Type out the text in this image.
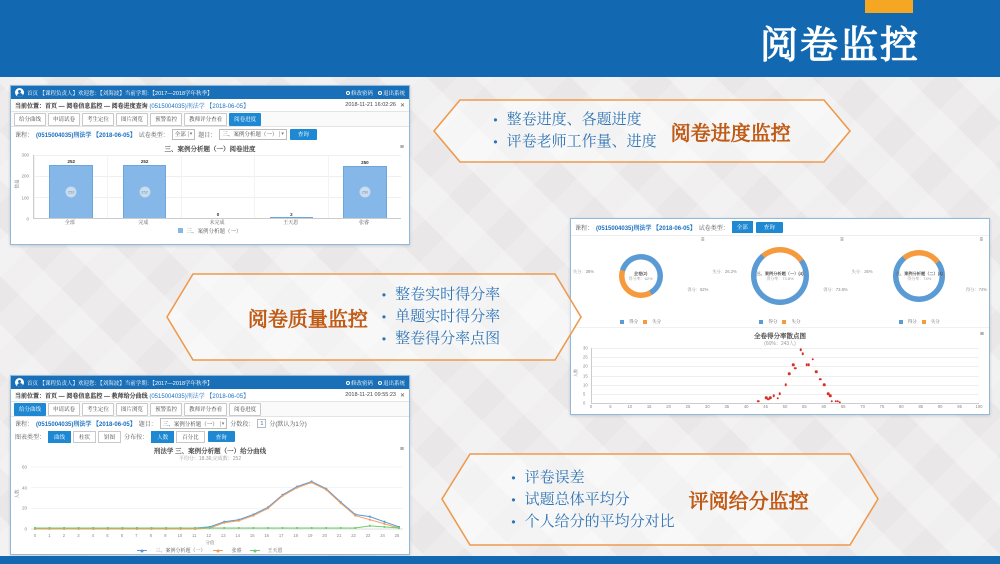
阅卷监控
首页 【课程负责人】欢迎您：【刘海波】当前学期：【2017—2018学年秋季】	修改密码	退出系统
当前位置：首页 — 阅卷信息监控 — 阅卷进度查询 (0515004035)刑法学 【2018-06-05】	2018-11-21 16:02:26 ✕
给分曲线	申请试卷	考生定位	图片浏览	预警监控	教师评分查看	阅卷进度
课程： (0515004035)刑法学 【2018-06-05】 试卷类型： 全部 ▾ 题目： 三、案例分析题（一） ▾	查询
三、案例分析题（一）阅卷进度	≡
数量
0
100
200
300
252
252
252
252
0	2
250
250
全部	完成	未完成	王天恩	张睿
三、案例分析题（一）
• 整卷进度、各题进度
• 评卷老师工作量、进度 阅卷进度监控
课程： (0515004035)刑法学 【2018-06-05】 试卷类型：	全部	查询
≡
全卷(2)
得分率：62%
失分：38%
得分：62%
得分	失分
≡
三、案例分析题（一）(4)
得分率：73.8%
失分：26.2%
得分：73.8%
得分	失分
≡
三、案例分析题（二）(4)
得分率：74%
失分：26%
得分：74%
得分	失分
全卷得分率散点图	≡
(60%：243人)
人数
0
5
10
15
20
25
30
0	5	10	15	20	25	30	35	40	45	50	55	60	65	70	75	80	85	90	95	100
阅卷质量监控
• 整卷实时得分率
• 单题实时得分率
• 整卷得分率点图
首页 【课程负责人】欢迎您：【刘海波】当前学期：【2017—2018学年秋季】	修改密码	退出系统
当前位置：首页 — 阅卷信息监控 — 教师给分曲线 (0515004035)刑法学 【2018-06-05】	2018-11-21 09:55:23 ✕
给分曲线	申请试卷	考生定位	图片浏览	预警监控	教师评分查看	阅卷进度
课程： (0515004035)刑法学 【2018-06-05】 题目： 三、案例分析题（一） ▾ 分数段： 1 分(默认为1分)
图表类型：	曲线	柱状	饼图	分布按：	人数	百分比	查询
刑法学 三、案例分析题（一）给分曲线	≡
平均分：18.36;完成数：252
人数
0
20
40
60
0	1	2	3	4	5	6	7	8	9	10 11 12 13 14 15 16 17 18 19 20 21 22 23 24 25
分值
三、案例分析题（一）	张睿	王天恩
• 评卷误差
• 试题总体平均分
• 个人给分的平均分对比
评阅给分监控
